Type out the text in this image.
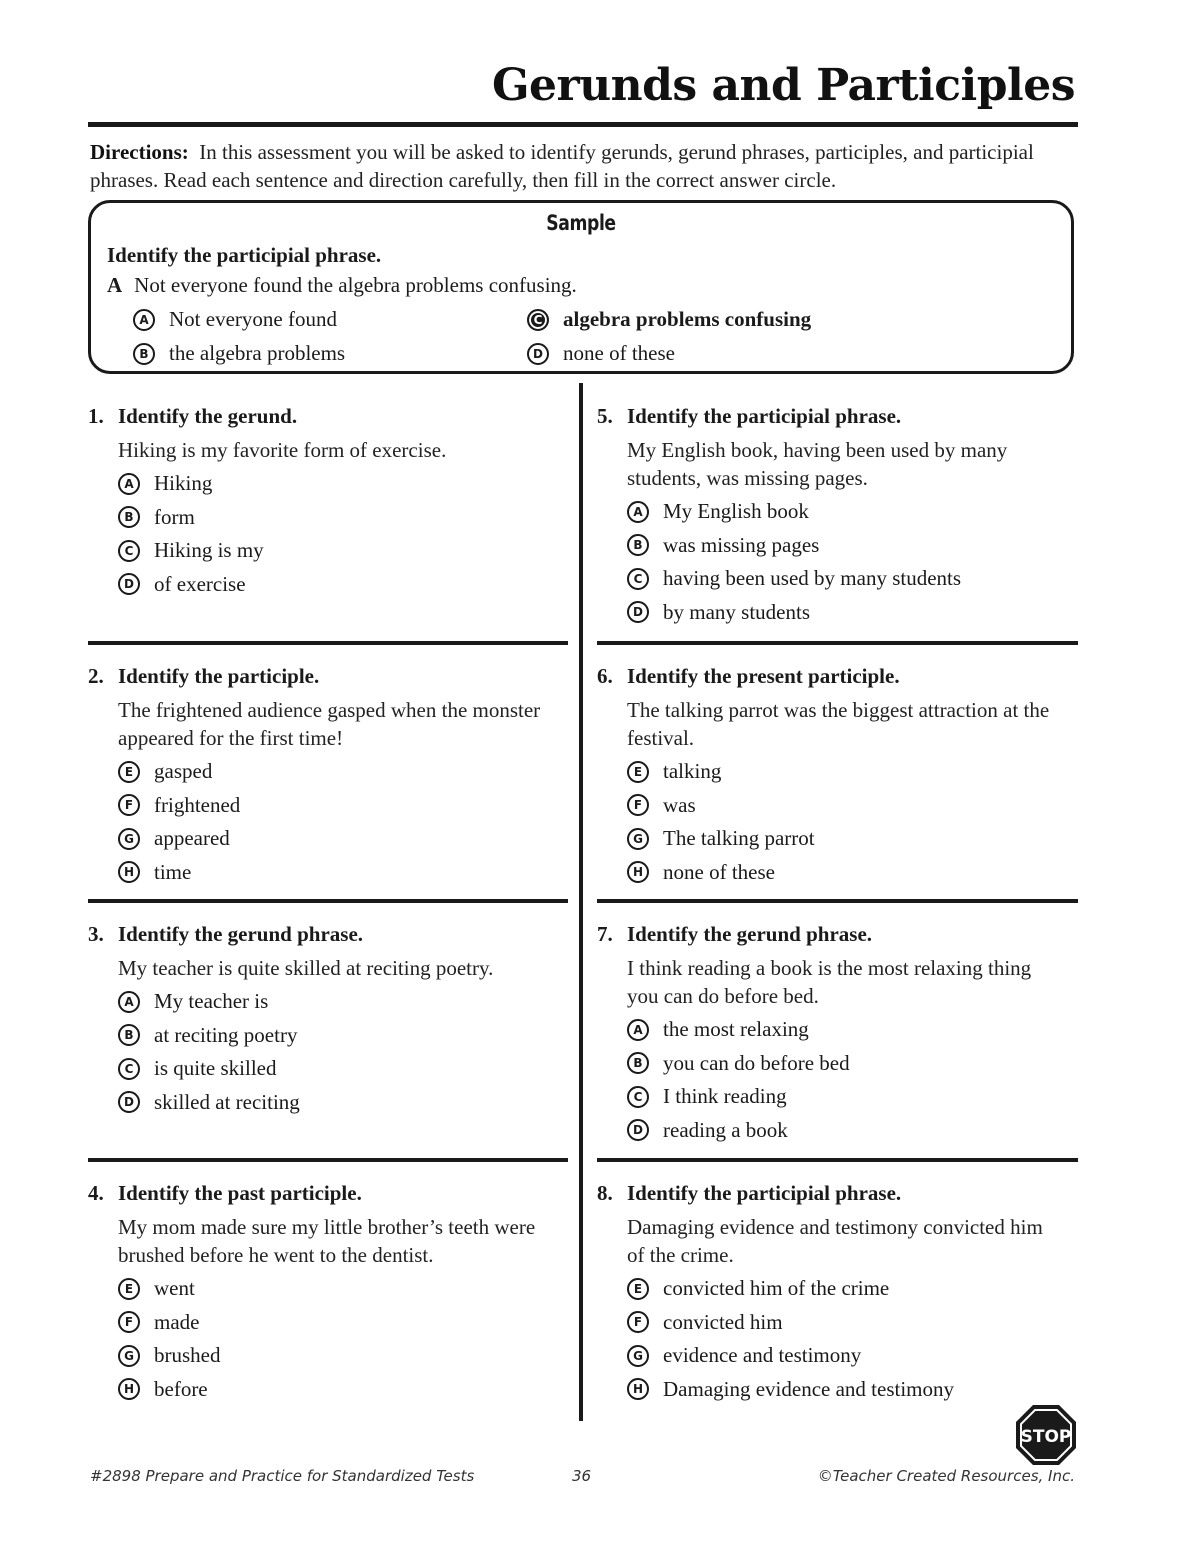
Gerunds and Participles
Directions: In this assessment you will be asked to identify gerunds, gerund phrases, participles, and participial phrases. Read each sentence and direction carefully, then fill in the correct answer circle.
Sample
Identify the participial phrase.
A Not everyone found the algebra problems confusing.
A Not everyone found
B the algebra problems
C algebra problems confusing
D none of these
1. Identify the gerund.
Hiking is my favorite form of exercise.
A Hiking
B form
C Hiking is my
D of exercise
2. Identify the participle.
The frightened audience gasped when the monster appeared for the first time!
E gasped
F frightened
G appeared
H time
3. Identify the gerund phrase.
My teacher is quite skilled at reciting poetry.
A My teacher is
B at reciting poetry
C is quite skilled
D skilled at reciting
4. Identify the past participle.
My mom made sure my little brother’s teeth were brushed before he went to the dentist.
E went
F made
G brushed
H before
5. Identify the participial phrase.
My English book, having been used by many students, was missing pages.
A My English book
B was missing pages
C having been used by many students
D by many students
6. Identify the present participle.
The talking parrot was the biggest attraction at the festival.
E talking
F was
G The talking parrot
H none of these
7. Identify the gerund phrase.
I think reading a book is the most relaxing thing you can do before bed.
A the most relaxing
B you can do before bed
C I think reading
D reading a book
8. Identify the participial phrase.
Damaging evidence and testimony convicted him of the crime.
E convicted him of the crime
F convicted him
G evidence and testimony
H Damaging evidence and testimony
STOP
#2898 Prepare and Practice for Standardized Tests	36	©Teacher Created Resources, Inc.
